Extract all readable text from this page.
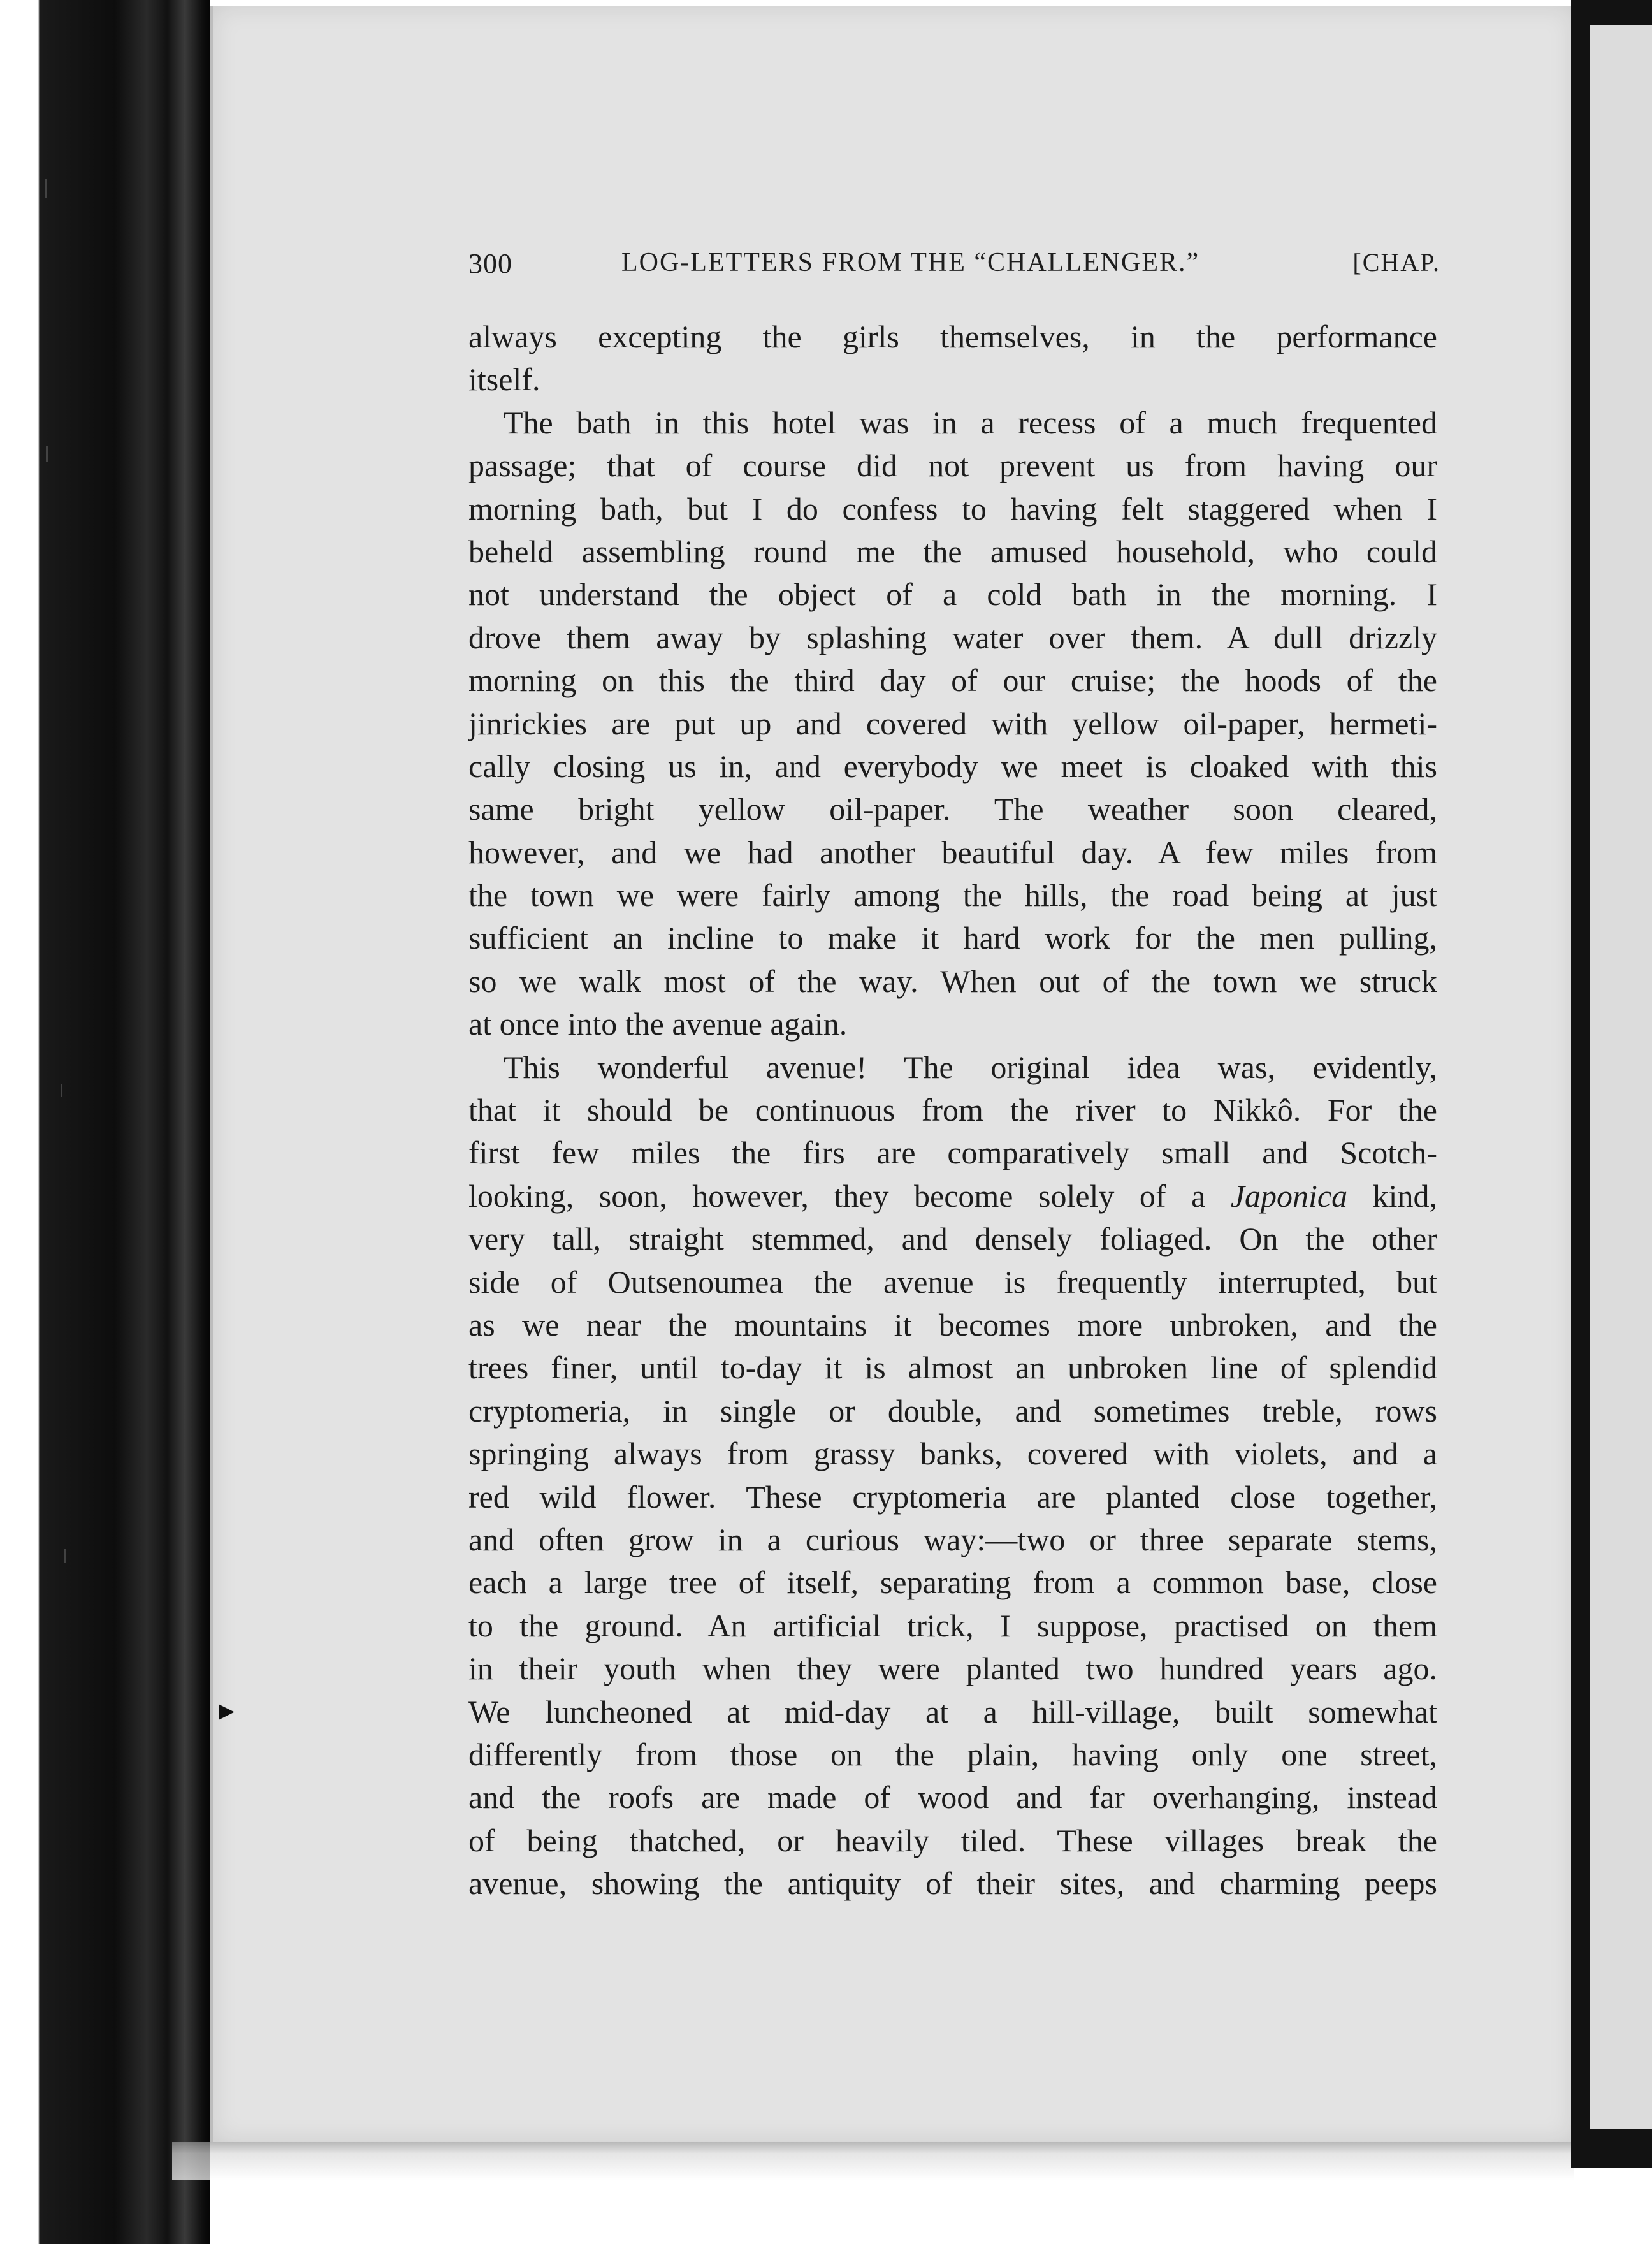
►
300	LOG-LETTERS FROM THE “CHALLENGER.”	[CHAP.
always excepting the girls themselves, in the performance
itself.
The bath in this hotel was in a recess of a much frequented
passage; that of course did not prevent us from having our
morning bath, but I do confess to having felt staggered when I
beheld assembling round me the amused household, who could
not understand the object of a cold bath in the morning. I
drove them away by splashing water over them. A dull drizzly
morning on this the third day of our cruise; the hoods of the
jinrickies are put up and covered with yellow oil-paper, hermeti-
cally closing us in, and everybody we meet is cloaked with this
same bright yellow oil-paper. The weather soon cleared,
however, and we had another beautiful day. A few miles from
the town we were fairly among the hills, the road being at just
sufficient an incline to make it hard work for the men pulling,
so we walk most of the way. When out of the town we struck
at once into the avenue again.
This wonderful avenue! The original idea was, evidently,
that it should be continuous from the river to Nikkô. For the
first few miles the firs are comparatively small and Scotch-
looking, soon, however, they become solely of a Japonica kind,
very tall, straight stemmed, and densely foliaged. On the other
side of Outsenoumea the avenue is frequently interrupted, but
as we near the mountains it becomes more unbroken, and the
trees finer, until to-day it is almost an unbroken line of splendid
cryptomeria, in single or double, and sometimes treble, rows
springing always from grassy banks, covered with violets, and a
red wild flower. These cryptomeria are planted close together,
and often grow in a curious way:—two or three separate stems,
each a large tree of itself, separating from a common base, close
to the ground. An artificial trick, I suppose, practised on them
in their youth when they were planted two hundred years ago.
We luncheoned at mid-day at a hill-village, built somewhat
differently from those on the plain, having only one street,
and the roofs are made of wood and far overhanging, instead
of being thatched, or heavily tiled. These villages break the
avenue, showing the antiquity of their sites, and charming peeps
